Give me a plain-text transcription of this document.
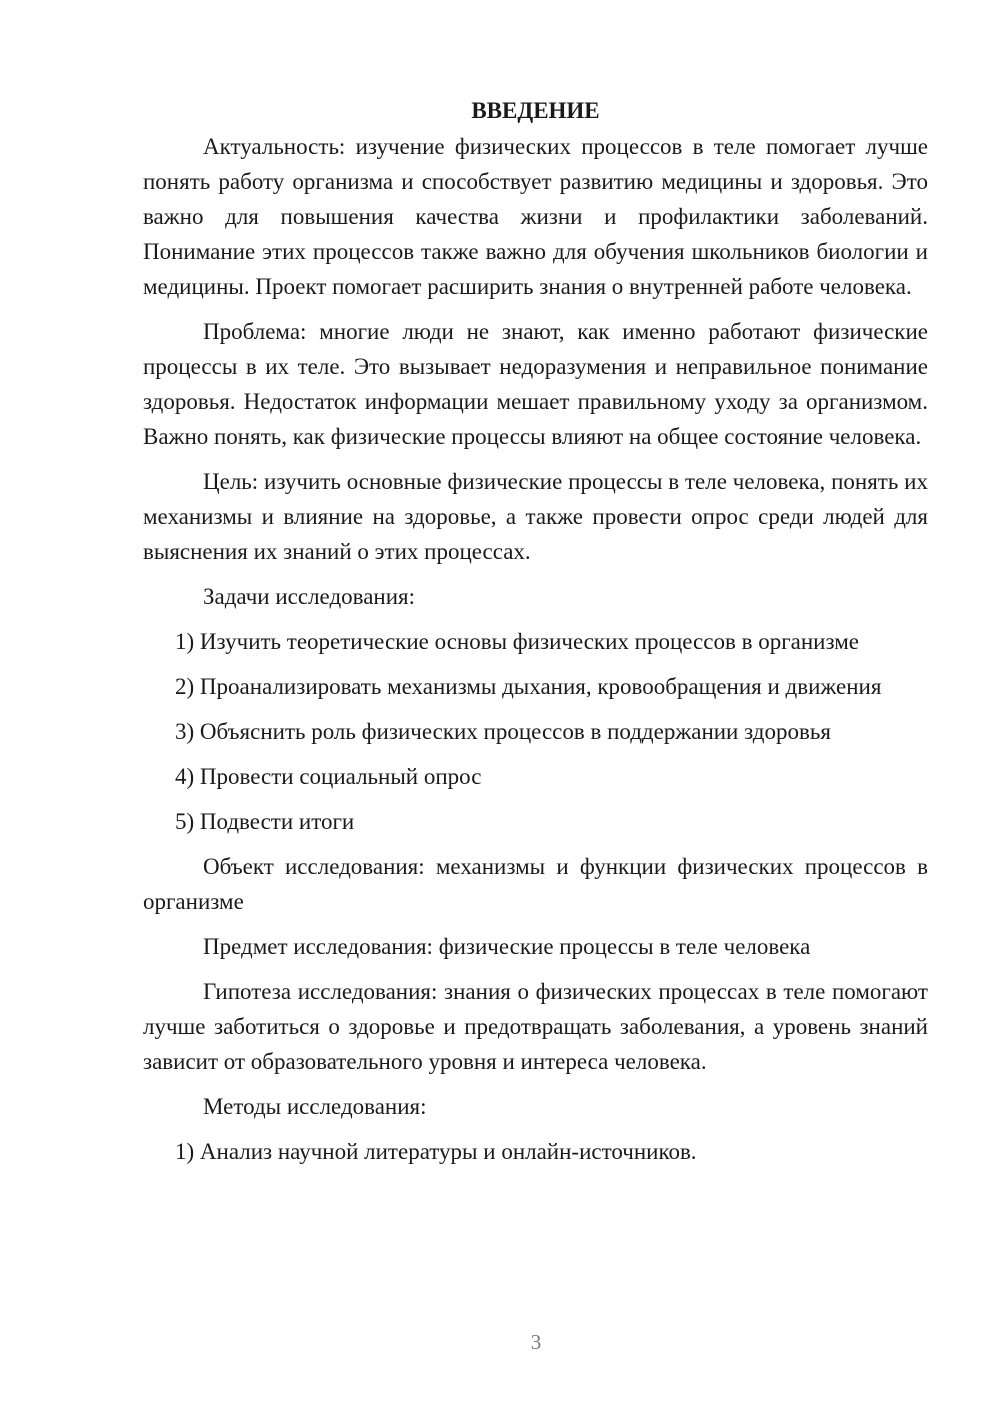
ВВЕДЕНИЕ

Актуальность: изучение физических процессов в теле помогает лучше понять работу организма и способствует развитию медицины и здоровья. Это важно для повышения качества жизни и профилактики заболеваний. Понимание этих процессов также важно для обучения школьников биологии и медицины. Проект помогает расширить знания о внутренней работе человека.

Проблема: многие люди не знают, как именно работают физические процессы в их теле. Это вызывает недоразумения и неправильное понимание здоровья. Недостаток информации мешает правильному уходу за организмом. Важно понять, как физические процессы влияют на общее состояние человека.

Цель: изучить основные физические процессы в теле человека, понять их механизмы и влияние на здоровье, а также провести опрос среди людей для выяснения их знаний о этих процессах.

Задачи исследования:

1) Изучить теоретические основы физических процессов в организме

2) Проанализировать механизмы дыхания, кровообращения и движения

3) Объяснить роль физических процессов в поддержании здоровья

4) Провести социальный опрос

5) Подвести итоги

Объект исследования: механизмы и функции физических процессов в организме

Предмет исследования: физические процессы в теле человека

Гипотеза исследования: знания о физических процессах в теле помогают лучше заботиться о здоровье и предотвращать заболевания, а уровень знаний зависит от образовательного уровня и интереса человека.

Методы исследования:

1) Анализ научной литературы и онлайн-источников.

3
